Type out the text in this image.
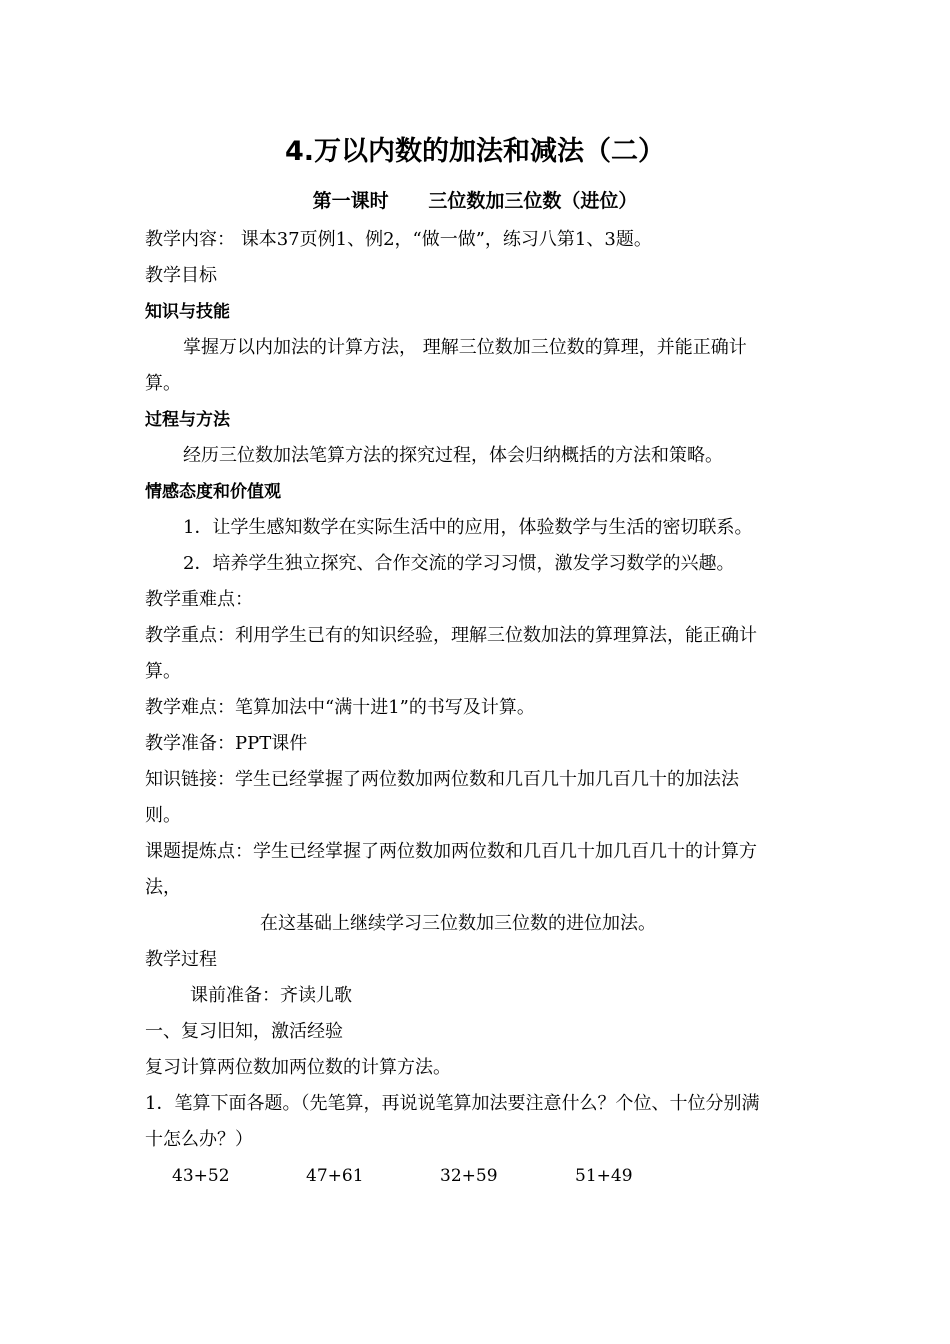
4.万以内数的加法和减法（二）
第一课时      三位数加三位数（进位）
教学内容： 课本37页例1、例2，“做一做”，练习八第1、3题。
教学目标
知识与技能
掌握万以内加法的计算方法， 理解三位数加三位数的算理，并能正确计
算。
过程与方法
经历三位数加法笔算方法的探究过程，体会归纳概括的方法和策略。
情感态度和价值观
1．让学生感知数学在实际生活中的应用，体验数学与生活的密切联系。
2．培养学生独立探究、合作交流的学习习惯，激发学习数学的兴趣。
教学重难点：
教学重点：利用学生已有的知识经验，理解三位数加法的算理算法，能正确计
算。
教学难点：笔算加法中“满十进1”的书写及计算。
教学准备：PPT课件
知识链接：学生已经掌握了两位数加两位数和几百几十加几百几十的加法法
则。
课题提炼点：学生已经掌握了两位数加两位数和几百几十加几百几十的计算方
法，
在这基础上继续学习三位数加三位数的进位加法。
教学过程
课前准备：齐读儿歌
一、复习旧知，激活经验
复习计算两位数加两位数的计算方法。
1．笔算下面各题。（先笔算，再说说笔算加法要注意什么？个位、十位分别满
十怎么办？）
43+52	47+61	32+59	51+49
